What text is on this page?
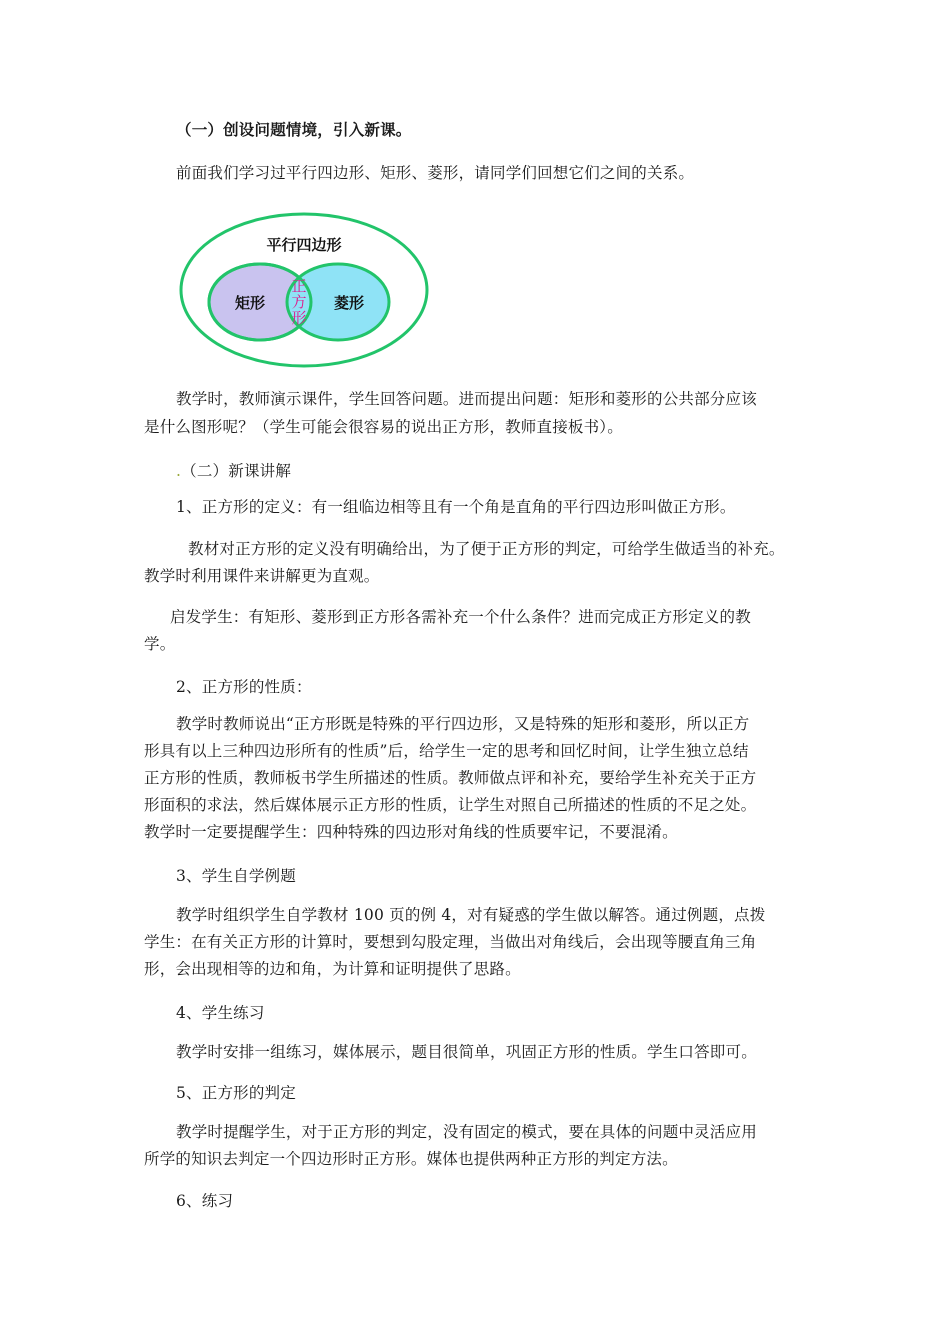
（一）创设问题情境，引入新课。
前面我们学习过平行四边形、矩形、菱形，请同学们回想它们之间的关系。
平行四边形
矩形	菱形
正
方
形
教学时，教师演示课件，学生回答问题。进而提出问题：矩形和菱形的公共部分应该
是什么图形呢？（学生可能会很容易的说出正方形，教师直接板书）。
.（二）新课讲解
1、正方形的定义：有一组临边相等且有一个角是直角的平行四边形叫做正方形。
教材对正方形的定义没有明确给出，为了便于正方形的判定，可给学生做适当的补充。
教学时利用课件来讲解更为直观。
启发学生：有矩形、菱形到正方形各需补充一个什么条件？进而完成正方形定义的教
学。
2、正方形的性质：
教学时教师说出“正方形既是特殊的平行四边形，又是特殊的矩形和菱形，所以正方
形具有以上三种四边形所有的性质”后，给学生一定的思考和回忆时间，让学生独立总结
正方形的性质，教师板书学生所描述的性质。教师做点评和补充，要给学生补充关于正方
形面积的求法，然后媒体展示正方形的性质，让学生对照自己所描述的性质的不足之处。
教学时一定要提醒学生：四种特殊的四边形对角线的性质要牢记，不要混淆。
3、学生自学例题
教学时组织学生自学教材 100 页的例 4，对有疑惑的学生做以解答。通过例题，点拨
学生：在有关正方形的计算时，要想到勾股定理，当做出对角线后，会出现等腰直角三角
形，会出现相等的边和角，为计算和证明提供了思路。
4、学生练习
教学时安排一组练习，媒体展示，题目很简单，巩固正方形的性质。学生口答即可。
5、正方形的判定
教学时提醒学生，对于正方形的判定，没有固定的模式，要在具体的问题中灵活应用
所学的知识去判定一个四边形时正方形。媒体也提供两种正方形的判定方法。
6、练习
